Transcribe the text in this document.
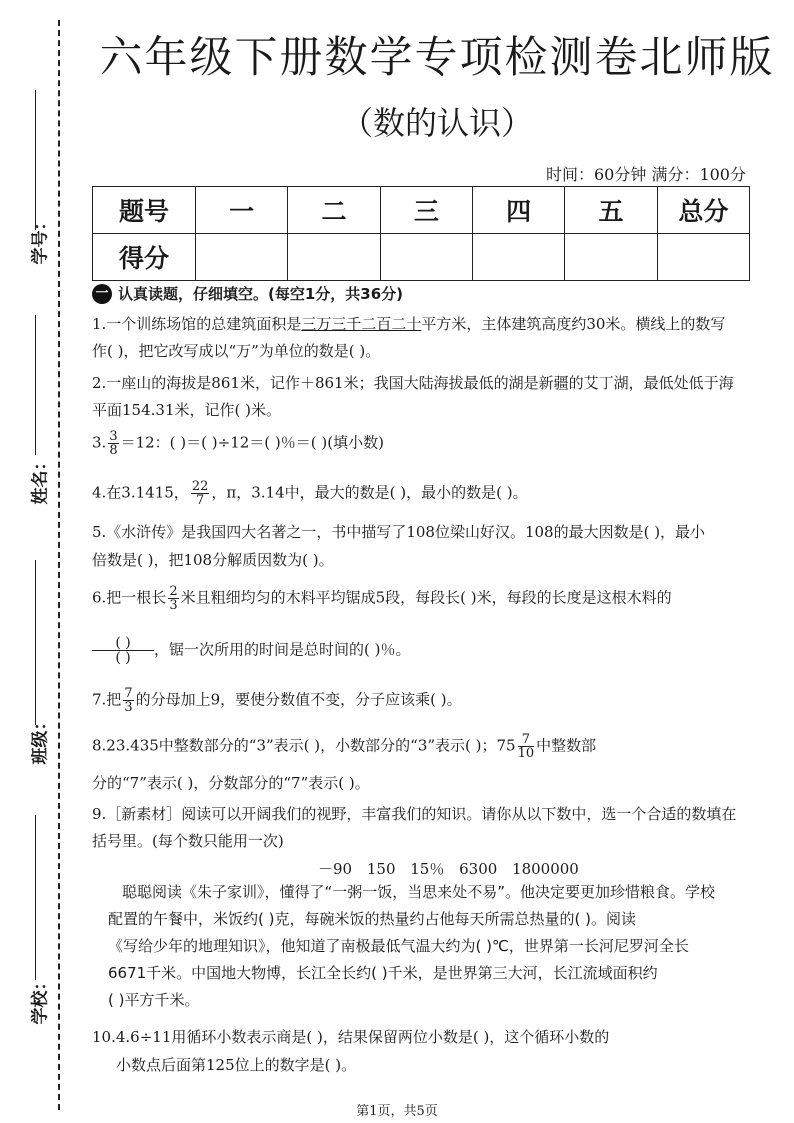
学号：
姓名：
班级：
学校：
六年级下册数学专项检测卷北师版
（数的认识）
时间：60分钟 满分：100分
题号	一	二	三	四	五	总分
得分						
一 认真读题，仔细填空。(每空1分，共36分)
1.一个训练场馆的总建筑面积是三万三千二百二十平方米，主体建筑高度约30米。横线上的数写
作( )，把它改写成以“万”为单位的数是( )。
2.一座山的海拔是861米，记作＋861米；我国大陆海拔最低的湖是新疆的艾丁湖，最低处低于海
平面154.31米，记作( )米。
3. $\frac{3}{8} =12$：( )＝( )÷12＝( )％＝( )(填小数)
4.在3.1415， $\frac{22}{7}$ ，π，3.14中，最大的数是( )，最小的数是( )。
5.《水浒传》是我国四大名著之一，书中描写了108位梁山好汉。108的最大因数是( )，最小
倍数是( )，把108分解质因数为( )。
6.把一根长 $\frac{2}{3}$ 米且粗细均匀的木料平均锯成5段，每段长( )米，每段的长度是这根木料的
$\frac{( )}{( )}$ ，锯一次所用的时间是总时间的( )％。
7.把 $\frac{7}{3}$ 的分母加上9，要使分数值不变，分子应该乘( )。
8.23.435中整数部分的“3”表示( )，小数部分的“3”表示( )；$75 \frac{7}{10}$ 中整数部
分的“7”表示( )，分数部分的“7”表示( )。
9.［新素材］阅读可以开阔我们的视野，丰富我们的知识。请你从以下数中，选一个合适的数填在
括号里。(每个数只能用一次)
－90 150 15％ 6300 1800000
聪聪阅读《朱子家训》，懂得了“一粥一饭，当思来处不易”。他决定要更加珍惜粮食。学校
配置的午餐中，米饭约( )克，每碗米饭的热量约占他每天所需总热量的( )。阅读
《写给少年的地理知识》，他知道了南极最低气温大约为( )℃，世界第一长河尼罗河全长
6671千米。中国地大物博，长江全长约( )千米，是世界第三大河，长江流域面积约
( )平方千米。
10.4.6÷11用循环小数表示商是( )，结果保留两位小数是( )，这个循环小数的
小数点后面第125位上的数字是( )。
第1页，共5页
